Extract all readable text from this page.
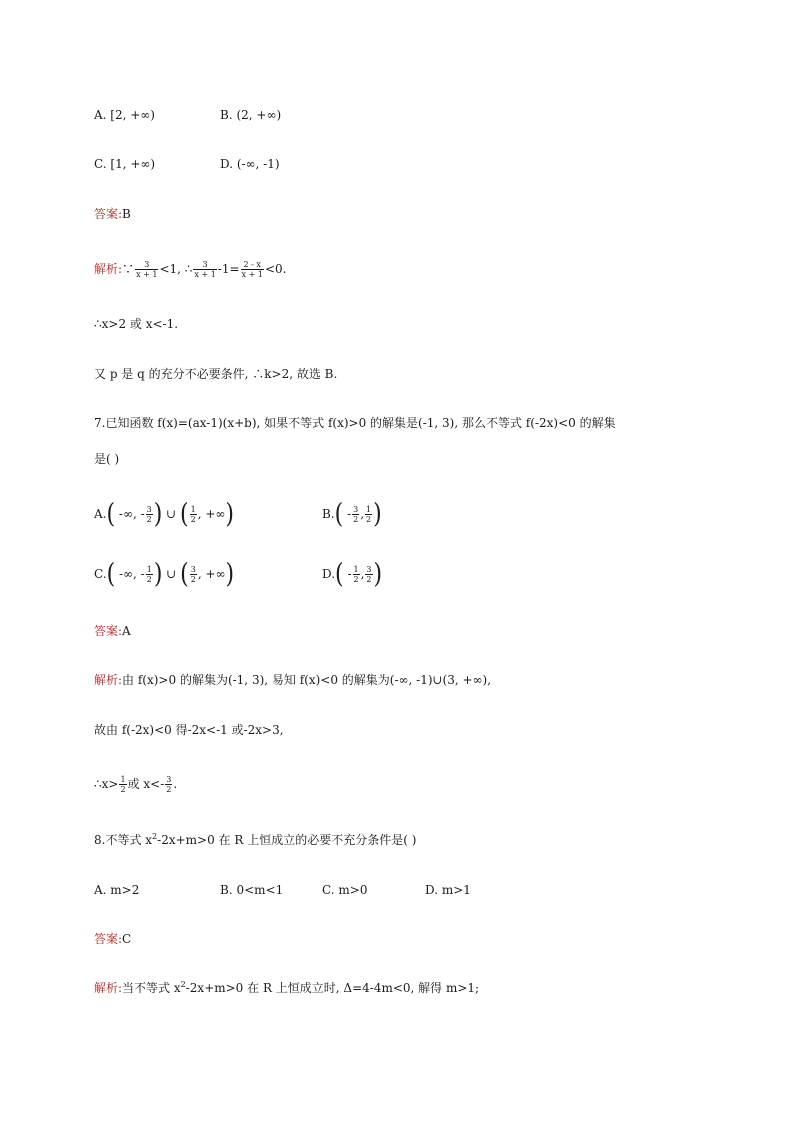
A. [2, +∞)	B. (2, +∞)
C. [1, +∞)	D. (-∞, -1)
答案:B
解析:∵ $\frac{3}{x + 1} <1$, ∴ $\frac{3}{x + 1} -1= \frac{2 - x}{x + 1} <0$.
∴x>2 或 x<-1.
又 p 是 q 的充分不必要条件, ∴k>2, 故选 B.
7.已知函数 f(x)=(ax-1)(x+b), 如果不等式 f(x)>0 的解集是(-1, 3), 那么不等式 f(-2x)<0 的解集
是( )
A.( -∞, - $\frac{3}{2}$ ) ∪ ( $\frac{1}{2}$ , +∞)	$B.( - \frac{3}{2}$ , $\frac{1}{2}$ )
C.( -∞, - $\frac{1}{2}$ ) ∪ ( $\frac{3}{2}$ , +∞)	$D.( - \frac{1}{2}$ , $\frac{3}{2}$ )
答案:A
解析:由 f(x)>0 的解集为(-1, 3), 易知 f(x)<0 的解集为(-∞, -1)∪(3, +∞),
故由 f(-2x)<0 得-2x<-1 或-2x>3,
∴x> $\frac{1}{2}$ 或 $x<- \frac{3}{2}$ .
8.不等式 $x^2-2x+m>0$ 在 R 上恒成立的必要不充分条件是( )
A. m>2	B. 0<m<1	C. m>0	D. m>1
答案:C
解析:当不等式 $x^2-2x+m>0$ 在 R 上恒成立时, Δ=4-4m<0, 解得 m>1;
